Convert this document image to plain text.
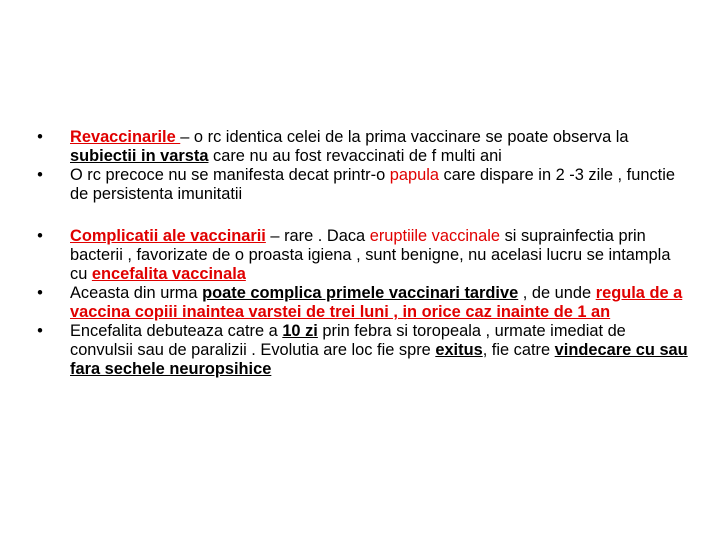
•	Revaccinarile – o rc identica celei de la prima vaccinare se poate observa la subiectii in varsta care nu au fost revaccinati de f multi ani
•	O rc precoce nu se manifesta decat printr-o papula care dispare in 2 -3 zile , functie de persistenta imunitatii
•	Complicatii ale vaccinarii – rare . Daca eruptiile vaccinale si suprainfectia prin bacterii , favorizate de o proasta igiena , sunt benigne, nu acelasi lucru se intampla cu encefalita vaccinala
•	Aceasta din urma poate complica primele vaccinari tardive , de unde regula de a vaccina copiii inaintea varstei de trei luni , in orice caz inainte de 1 an
•	Encefalita debuteaza catre a 10 zi prin febra si toropeala , urmate imediat de convulsii sau de paralizii . Evolutia are loc fie spre exitus, fie catre vindecare cu sau fara sechele neuropsihice
